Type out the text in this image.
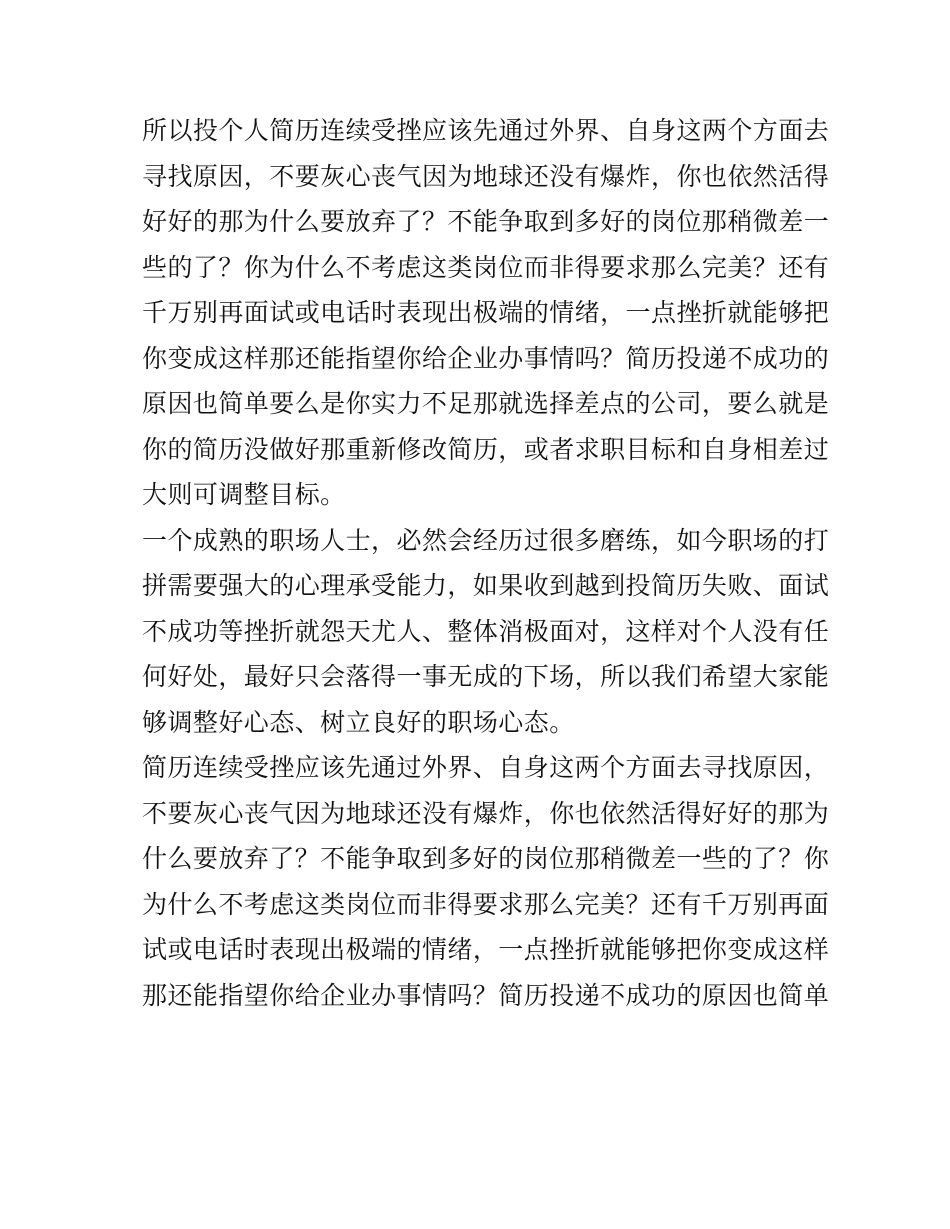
所以投个人简历连续受挫应该先通过外界、自身这两个方面去
寻找原因，不要灰心丧气因为地球还没有爆炸，你也依然活得
好好的那为什么要放弃了？不能争取到多好的岗位那稍微差一
些的了？你为什么不考虑这类岗位而非得要求那么完美？还有
千万别再面试或电话时表现出极端的情绪，一点挫折就能够把
你变成这样那还能指望你给企业办事情吗？简历投递不成功的
原因也简单要么是你实力不足那就选择差点的公司，要么就是
你的简历没做好那重新修改简历，或者求职目标和自身相差过
大则可调整目标。
一个成熟的职场人士，必然会经历过很多磨练，如今职场的打
拼需要强大的心理承受能力，如果收到越到投简历失败、面试
不成功等挫折就怨天尤人、整体消极面对，这样对个人没有任
何好处，最好只会落得一事无成的下场，所以我们希望大家能
够调整好心态、树立良好的职场心态。
简历连续受挫应该先通过外界、自身这两个方面去寻找原因，
不要灰心丧气因为地球还没有爆炸，你也依然活得好好的那为
什么要放弃了？不能争取到多好的岗位那稍微差一些的了？你
为什么不考虑这类岗位而非得要求那么完美？还有千万别再面
试或电话时表现出极端的情绪，一点挫折就能够把你变成这样
那还能指望你给企业办事情吗？简历投递不成功的原因也简单
